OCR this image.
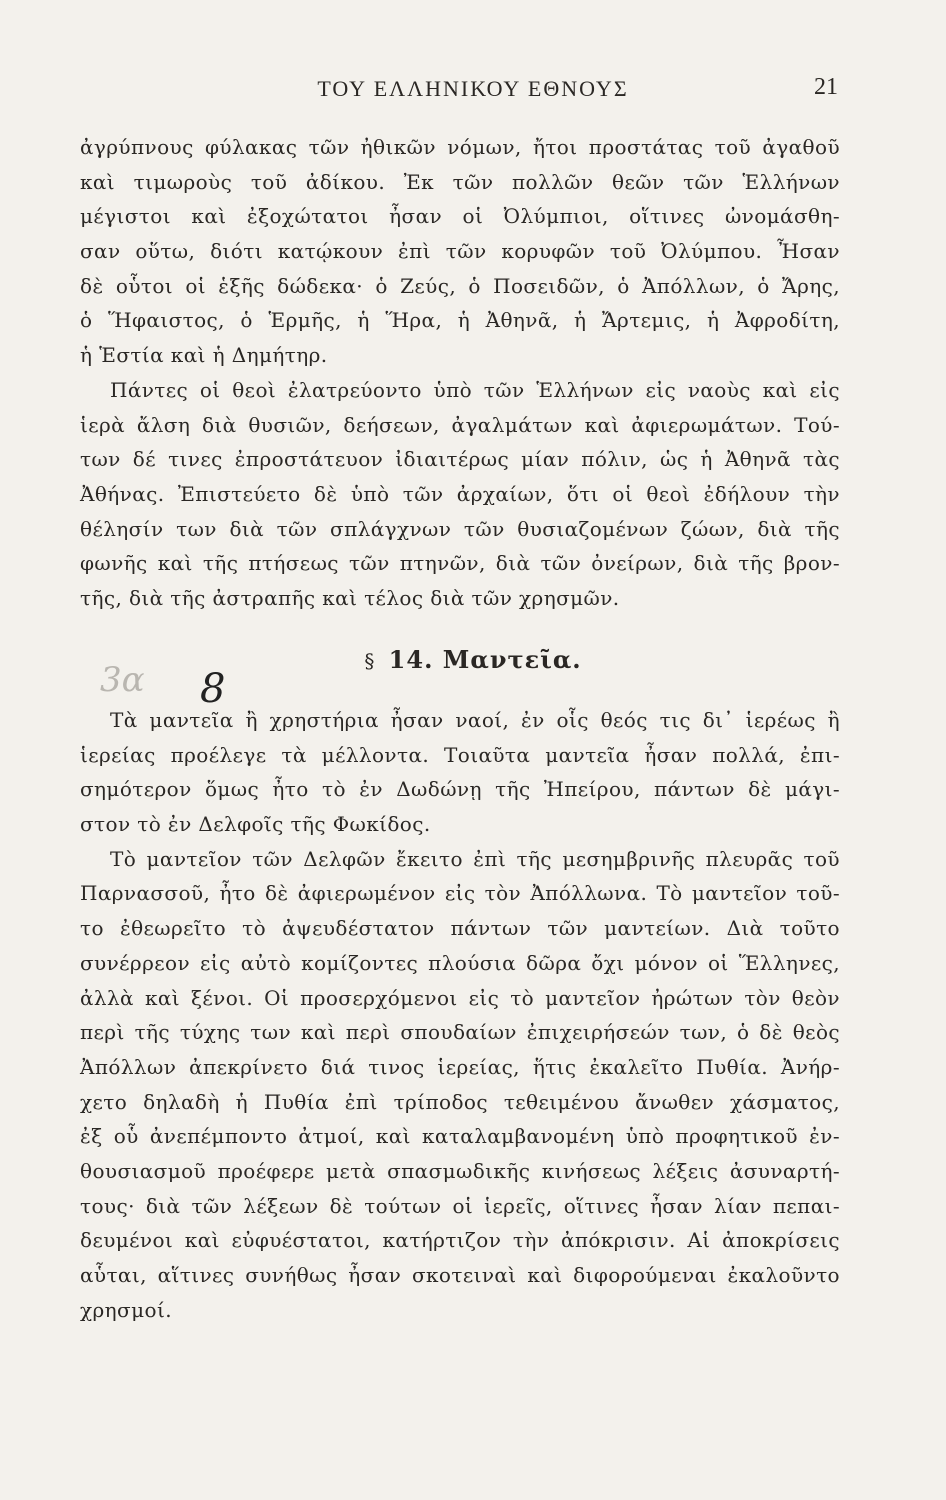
ΤΟΥ ΕΛΛΗΝΙΚΟΥ ΕΘΝΟΥΣ	21
ἀγρύπνους φύλακας τῶν ἠθικῶν νόμων, ἤτοι προστάτας τοῦ ἀγαθοῦ
καὶ τιμωροὺς τοῦ ἀδίκου. Ἐκ τῶν πολλῶν θεῶν τῶν Ἑλλήνων
μέγιστοι καὶ ἐξοχώτατοι ἦσαν οἱ Ὀλύμπιοι, οἵτινες ὠνομάσθη-
σαν οὕτω, διότι κατῴκουν ἐπὶ τῶν κορυφῶν τοῦ Ὀλύμπου. Ἦσαν
δὲ οὗτοι οἱ ἑξῆς δώδεκα· ὁ Ζεύς, ὁ Ποσειδῶν, ὁ Ἀπόλλων, ὁ Ἄρης,
ὁ Ἥφαιστος, ὁ Ἑρμῆς, ἡ Ἥρα, ἡ Ἀθηνᾶ, ἡ Ἄρτεμις, ἡ Ἀφροδίτη,
ἡ Ἑστία καὶ ἡ Δημήτηρ.
Πάντες οἱ θεοὶ ἐλατρεύοντο ὑπὸ τῶν Ἑλλήνων εἰς ναοὺς καὶ εἰς
ἱερὰ ἄλση διὰ θυσιῶν, δεήσεων, ἀγαλμάτων καὶ ἀφιερωμάτων. Τού-
των δέ τινες ἐπροστάτευον ἰδιαιτέρως μίαν πόλιν, ὡς ἡ Ἀθηνᾶ τὰς
Ἀθήνας. Ἐπιστεύετο δὲ ὑπὸ τῶν ἀρχαίων, ὅτι οἱ θεοὶ ἐδήλουν τὴν
θέλησίν των διὰ τῶν σπλάγχνων τῶν θυσιαζομένων ζώων, διὰ τῆς
φωνῆς καὶ τῆς πτήσεως τῶν πτηνῶν, διὰ τῶν ὀνείρων, διὰ τῆς βρον-
τῆς, διὰ τῆς ἀστραπῆς καὶ τέλος διὰ τῶν χρησμῶν.
3α 8
§ 14. Μαντεῖα.
Τὰ μαντεῖα ἢ χρηστήρια ἦσαν ναοί, ἐν οἷς θεός τις δι᾽ ἱερέως ἢ
ἱερείας προέλεγε τὰ μέλλοντα. Τοιαῦτα μαντεῖα ἦσαν πολλά, ἐπι-
σημότερον ὅμως ἦτο τὸ ἐν Δωδώνῃ τῆς Ἠπείρου, πάντων δὲ μάγι-
στον τὸ ἐν Δελφοῖς τῆς Φωκίδος.
Τὸ μαντεῖον τῶν Δελφῶν ἔκειτο ἐπὶ τῆς μεσημβρινῆς πλευρᾶς τοῦ
Παρνασσοῦ, ἦτο δὲ ἀφιερωμένον εἰς τὸν Ἀπόλλωνα. Τὸ μαντεῖον τοῦ-
το ἐθεωρεῖτο τὸ ἀψευδέστατον πάντων τῶν μαντείων. Διὰ τοῦτο
συνέρρεον εἰς αὐτὸ κομίζοντες πλούσια δῶρα ὄχι μόνον οἱ Ἕλληνες,
ἀλλὰ καὶ ξένοι. Οἱ προσερχόμενοι εἰς τὸ μαντεῖον ἠρώτων τὸν θεὸν
περὶ τῆς τύχης των καὶ περὶ σπουδαίων ἐπιχειρήσεών των, ὁ δὲ θεὸς
Ἀπόλλων ἀπεκρίνετο διά τινος ἱερείας, ἥτις ἐκαλεῖτο Πυθία. Ἀνήρ-
χετο δηλαδὴ ἡ Πυθία ἐπὶ τρίποδος τεθειμένου ἄνωθεν χάσματος,
ἐξ οὗ ἀνεπέμποντο ἀτμοί, καὶ καταλαμβανομένη ὑπὸ προφητικοῦ ἐν-
θουσιασμοῦ προέφερε μετὰ σπασμωδικῆς κινήσεως λέξεις ἀσυναρτή-
τους· διὰ τῶν λέξεων δὲ τούτων οἱ ἱερεῖς, οἵτινες ἦσαν λίαν πεπαι-
δευμένοι καὶ εὐφυέστατοι, κατήρτιζον τὴν ἀπόκρισιν. Αἱ ἀποκρίσεις
αὗται, αἵτινες συνήθως ἦσαν σκοτειναὶ καὶ διφορούμεναι ἐκαλοῦντο
χρησμοί.
